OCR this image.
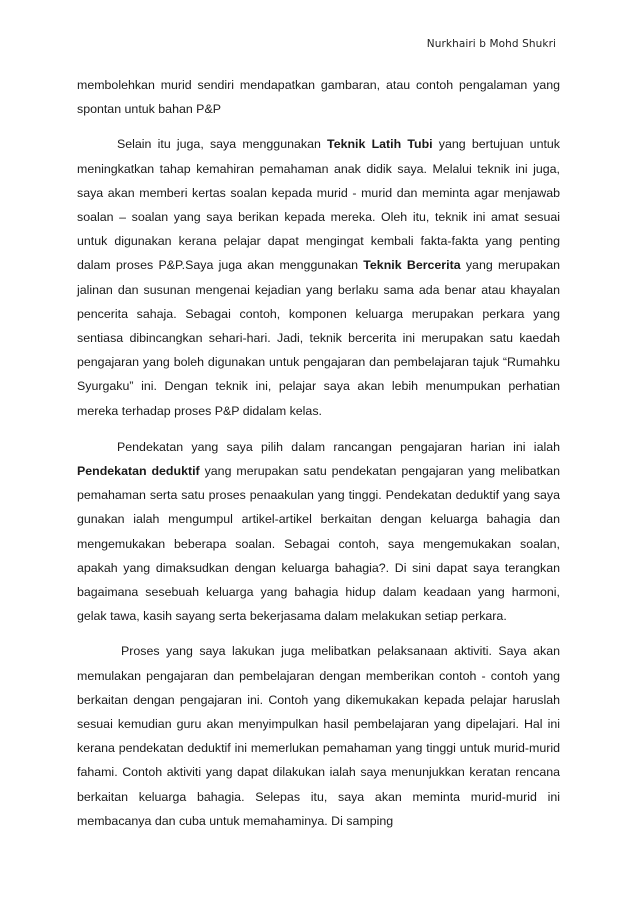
Nurkhairi b Mohd Shukri

membolehkan murid sendiri mendapatkan gambaran, atau contoh pengalaman yang spontan untuk bahan P&P

Selain itu juga, saya menggunakan Teknik Latih Tubi yang bertujuan untuk meningkatkan tahap kemahiran pemahaman anak didik saya. Melalui teknik ini juga, saya akan memberi kertas soalan kepada murid - murid dan meminta agar menjawab soalan – soalan yang saya berikan kepada mereka. Oleh itu, teknik ini amat sesuai untuk digunakan kerana pelajar dapat mengingat kembali fakta-fakta yang penting dalam proses P&P.Saya juga akan menggunakan Teknik Bercerita yang merupakan jalinan dan susunan mengenai kejadian yang berlaku sama ada benar atau khayalan pencerita sahaja. Sebagai contoh, komponen keluarga merupakan perkara yang sentiasa dibincangkan sehari-hari. Jadi, teknik bercerita ini merupakan satu kaedah pengajaran yang boleh digunakan untuk pengajaran dan pembelajaran tajuk “Rumahku Syurgaku” ini. Dengan teknik ini, pelajar saya akan lebih menumpukan perhatian mereka terhadap proses P&P didalam kelas.

Pendekatan yang saya pilih dalam rancangan pengajaran harian ini ialah Pendekatan deduktif yang merupakan satu pendekatan pengajaran yang melibatkan pemahaman serta satu proses penaakulan yang tinggi. Pendekatan deduktif yang saya gunakan ialah mengumpul artikel-artikel berkaitan dengan keluarga bahagia dan mengemukakan beberapa soalan. Sebagai contoh, saya mengemukakan soalan, apakah yang dimaksudkan dengan keluarga bahagia?. Di sini dapat saya terangkan bagaimana sesebuah keluarga yang bahagia hidup dalam keadaan yang harmoni, gelak tawa, kasih sayang serta bekerjasama dalam melakukan setiap perkara.

Proses yang saya lakukan juga melibatkan pelaksanaan aktiviti. Saya akan memulakan pengajaran dan pembelajaran dengan memberikan contoh - contoh yang berkaitan dengan pengajaran ini. Contoh yang dikemukakan kepada pelajar haruslah sesuai kemudian guru akan menyimpulkan hasil pembelajaran yang dipelajari. Hal ini kerana pendekatan deduktif ini memerlukan pemahaman yang tinggi untuk murid-murid fahami. Contoh aktiviti yang dapat dilakukan ialah saya menunjukkan keratan rencana berkaitan keluarga bahagia. Selepas itu, saya akan meminta murid-murid ini membacanya dan cuba untuk memahaminya. Di samping
